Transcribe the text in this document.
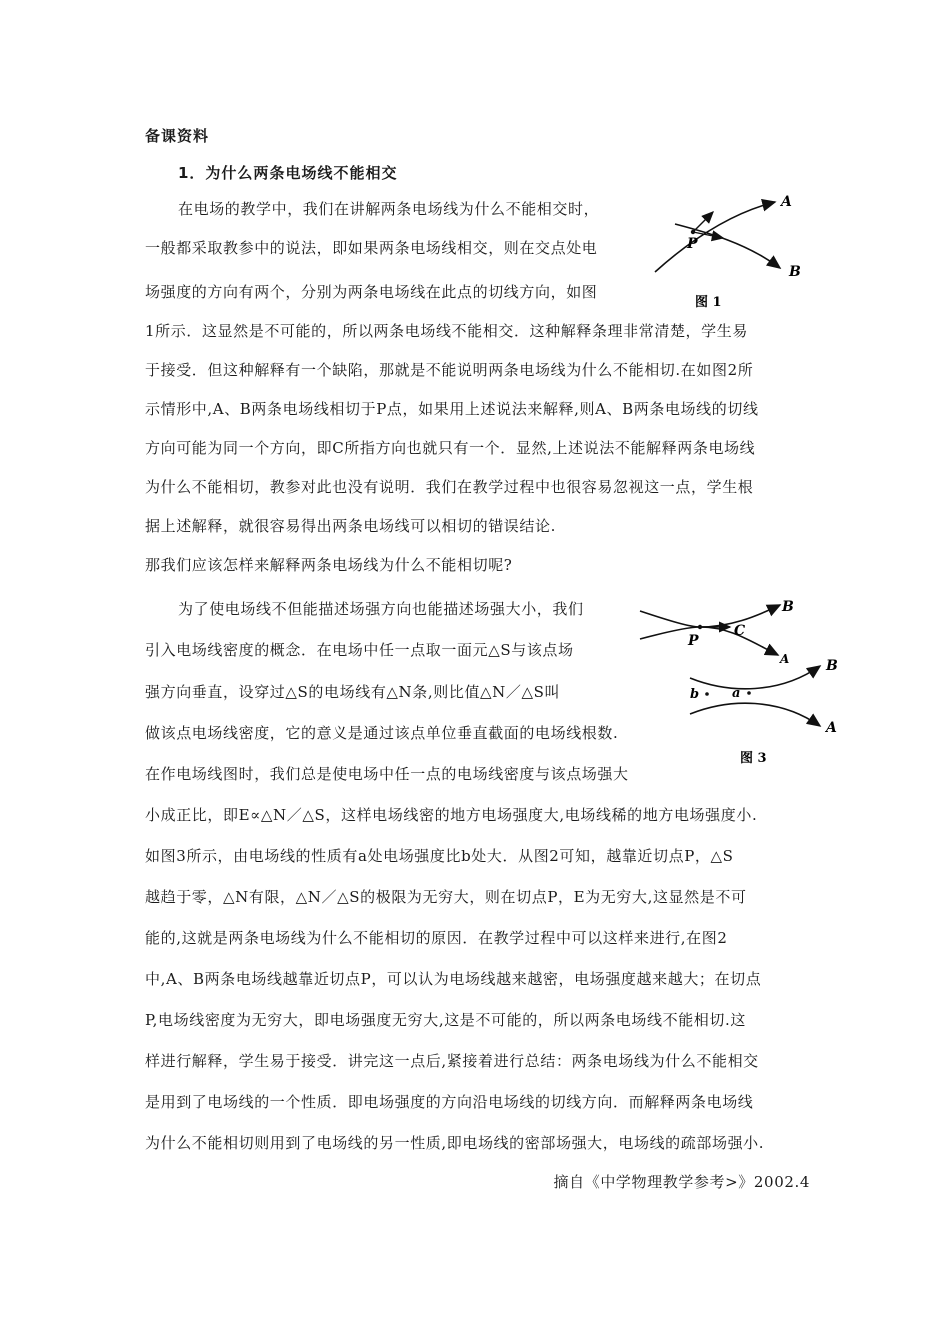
备课资料
1．为什么两条电场线不能相交
在电场的教学中，我们在讲解两条电场线为什么不能相交时，
一般都采取教参中的说法，即如果两条电场线相交，则在交点处电
场强度的方向有两个，分别为两条电场线在此点的切线方向，如图
1所示．这显然是不可能的，所以两条电场线不能相交．这种解释条理非常清楚，学生易
于接受．但这种解释有一个缺陷，那就是不能说明两条电场线为什么不能相切.在如图2所
示情形中,A、B两条电场线相切于P点，如果用上述说法来解释,则A、B两条电场线的切线
方向可能为同一个方向，即C所指方向也就只有一个．显然,上述说法不能解释两条电场线
为什么不能相切，教参对此也没有说明．我们在教学过程中也很容易忽视这一点，学生根
据上述解释，就很容易得出两条电场线可以相切的错误结论.
那我们应该怎样来解释两条电场线为什么不能相切呢?
为了使电场线不但能描述场强方向也能描述场强大小，我们
引入电场线密度的概念．在电场中任一点取一面元△S与该点场
强方向垂直，设穿过△S的电场线有△N条,则比值△N／△S叫
做该点电场线密度，它的意义是通过该点单位垂直截面的电场线根数.
在作电场线图时，我们总是使电场中任一点的电场线密度与该点场强大
小成正比，即E∝△N／△S，这样电场线密的地方电场强度大,电场线稀的地方电场强度小.
如图3所示，由电场线的性质有a处电场强度比b处大．从图2可知，越靠近切点P，△S
越趋于零，△N有限，△N／△S的极限为无穷大，则在切点P，E为无穷大,这显然是不可
能的,这就是两条电场线为什么不能相切的原因．在教学过程中可以这样来进行,在图2
中,A、B两条电场线越靠近切点P，可以认为电场线越来越密，电场强度越来越大；在切点
P,电场线密度为无穷大，即电场强度无穷大,这是不可能的，所以两条电场线不能相切.这
样进行解释，学生易于接受．讲完这一点后,紧接着进行总结：两条电场线为什么不能相交
是用到了电场线的一个性质．即电场强度的方向沿电场线的切线方向．而解释两条电场线
为什么不能相切则用到了电场线的另一性质,即电场线的密部场强大，电场线的疏部场强小.
摘自《中学物理教学参考>》2002.4
A
B
P
图 1
B
A
C
P
b	a
B
A
图 3
